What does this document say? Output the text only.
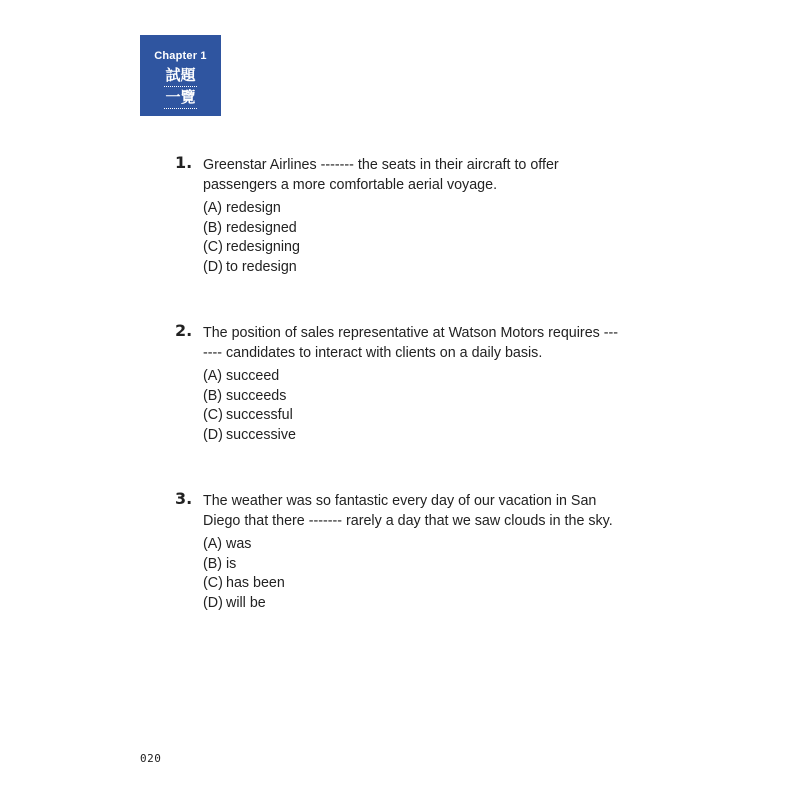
Chapter 1
試題
一覽
1. Greenstar Airlines ------- the seats in their aircraft to offer passengers a more comfortable aerial voyage.
(A) redesign
(B) redesigned
(C) redesigning
(D) to redesign
2. The position of sales representative at Watson Motors requires ------- candidates to interact with clients on a daily basis.
(A) succeed
(B) succeeds
(C) successful
(D) successive
3. The weather was so fantastic every day of our vacation in San Diego that there ------- rarely a day that we saw clouds in the sky.
(A) was
(B) is
(C) has been
(D) will be
020
